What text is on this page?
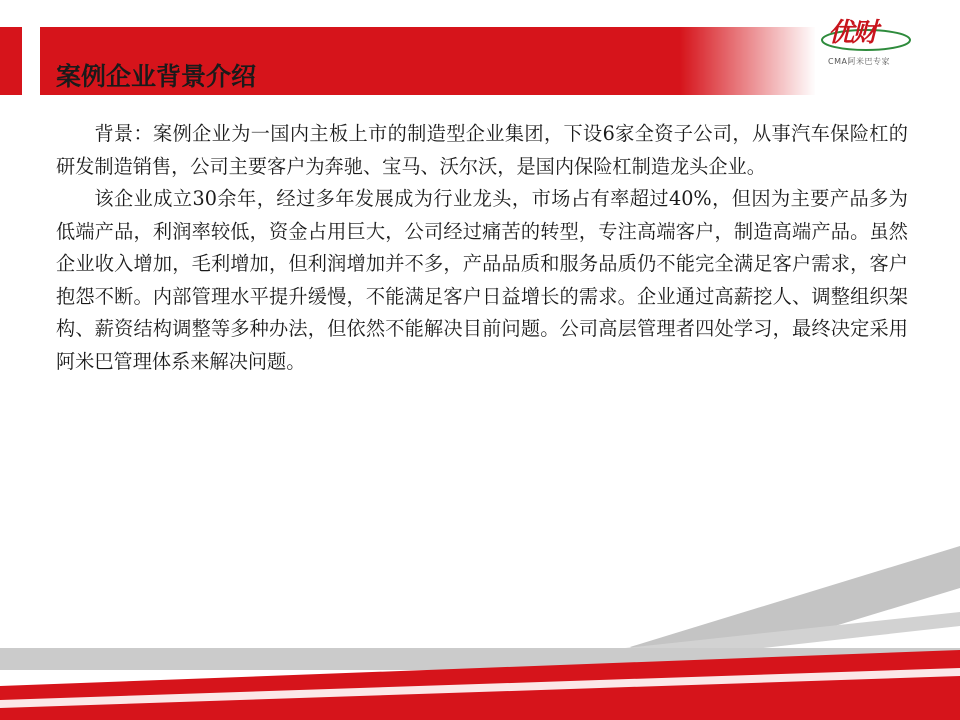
案例企业背景介绍
优财
CMA阿米巴专家

背景：案例企业为一国内主板上市的制造型企业集团，下设6家全资子公司，从事汽车保险杠的研发制造销售，公司主要客户为奔驰、宝马、沃尔沃，是国内保险杠制造龙头企业。

该企业成立30余年，经过多年发展成为行业龙头，市场占有率超过40%，但因为主要产品多为低端产品，利润率较低，资金占用巨大，公司经过痛苦的转型，专注高端客户，制造高端产品。虽然企业收入增加，毛利增加，但利润增加并不多，产品品质和服务品质仍不能完全满足客户需求，客户抱怨不断。内部管理水平提升缓慢，不能满足客户日益增长的需求。企业通过高薪挖人、调整组织架构、薪资结构调整等多种办法，但依然不能解决目前问题。公司高层管理者四处学习，最终决定采用阿米巴管理体系来解决问题。
